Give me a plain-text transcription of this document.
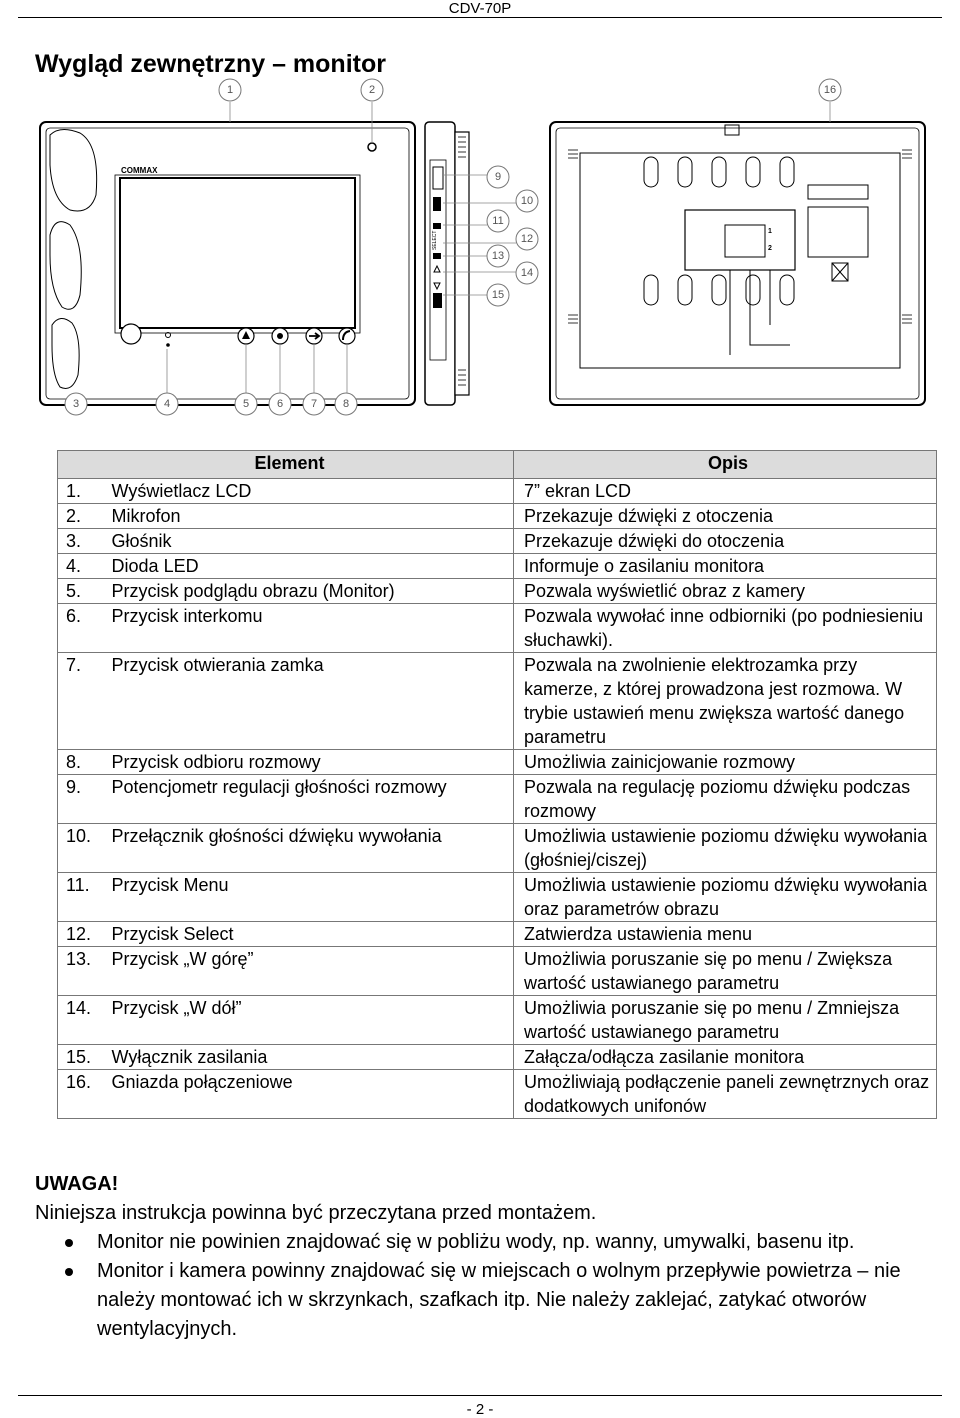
CDV-70P
Wygląd zewnętrzny – monitor
COMMAX
SELECT	1
2
1	2	16
3	4	5	6	7 8
9
10
11
12
13
14
15
Element		Opis
1.	Wyświetlacz LCD	7” ekran LCD
2.	Mikrofon	Przekazuje dźwięki z otoczenia
3.	Głośnik	Przekazuje dźwięki do otoczenia
4.	Dioda LED	Informuje o zasilaniu monitora
5.	Przycisk podglądu obrazu (Monitor)	Pozwala wyświetlić obraz z kamery
6.	Przycisk interkomu	Pozwala wywołać inne odbiorniki (po podniesieniu słuchawki).
7.	Przycisk otwierania zamka	Pozwala na zwolnienie elektrozamka przy kamerze, z której prowadzona jest rozmowa. W trybie ustawień menu zwiększa wartość danego parametru
8.	Przycisk odbioru rozmowy	Umożliwia zainicjowanie rozmowy
9.	Potencjometr regulacji głośności rozmowy	Pozwala na regulację poziomu dźwięku podczas rozmowy
10.	Przełącznik głośności dźwięku wywołania	Umożliwia ustawienie poziomu dźwięku wywołania (głośniej/ciszej)
11.	Przycisk Menu	Umożliwia ustawienie poziomu dźwięku wywołania oraz parametrów obrazu
12.	Przycisk Select	Zatwierdza ustawienia menu
13.	Przycisk „W górę”	Umożliwia poruszanie się po menu / Zwiększa wartość ustawianego parametru
14.	Przycisk „W dół”	Umożliwia poruszanie się po menu / Zmniejsza wartość ustawianego parametru
15.	Wyłącznik zasilania	Załącza/odłącza zasilanie monitora
16.	Gniazda połączeniowe	Umożliwiają podłączenie paneli zewnętrznych oraz dodatkowych unifonów
UWAGA!
Niniejsza instrukcja powinna być przeczytana przed montażem.
Monitor nie powinien znajdować się w pobliżu wody, np. wanny, umywalki, basenu itp.
Monitor i kamera powinny znajdować się w miejscach o wolnym przepływie powietrza – nie należy montować ich w skrzynkach, szafkach itp. Nie należy zaklejać, zatykać otworów wentylacyjnych.
- 2 -
